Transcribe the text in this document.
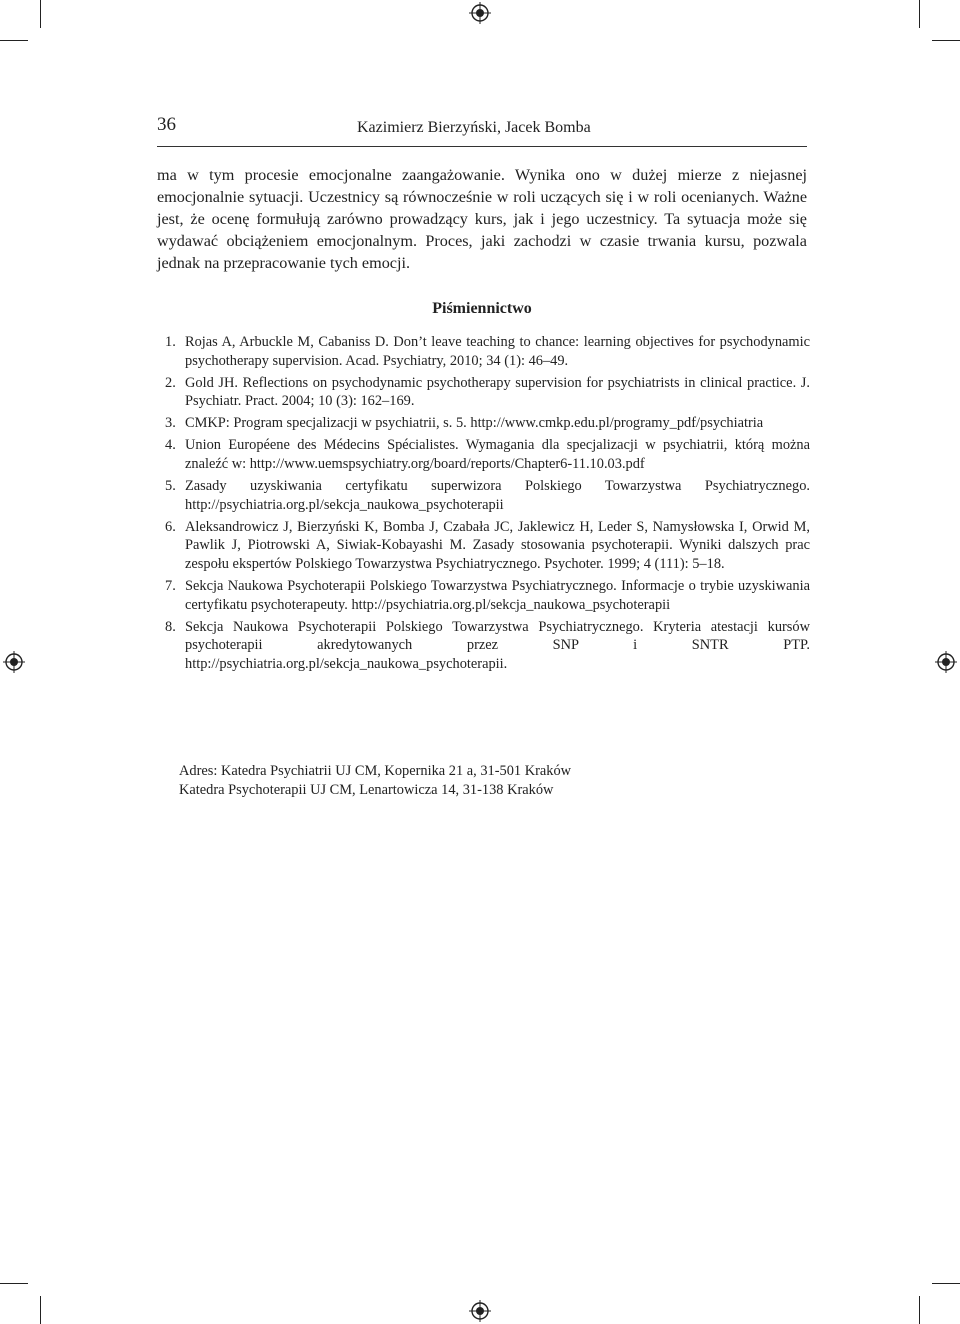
36	Kazimierz Bierzyński, Jacek Bomba

ma w tym procesie emocjonalne zaangażowanie. Wynika ono w dużej mierze z niejasnej emocjonalnie sytuacji. Uczestnicy są równocześnie w roli uczących się i w roli ocenianych. Ważne jest, że ocenę formułują zarówno prowadzący kurs, jak i jego uczestnicy. Ta sytuacja może się wydawać obciążeniem emocjonalnym. Proces, jaki zachodzi w czasie trwania kursu, pozwala jednak na przepracowanie tych emocji.

Piśmiennictwo
1. Rojas A, Arbuckle M, Cabaniss D. Don’t leave teaching to chance: learning objectives for psychodynamic psychotherapy supervision. Acad. Psychiatry, 2010; 34 (1): 46–49.
2. Gold JH. Reflections on psychodynamic psychotherapy supervision for psychiatrists in clinical practice. J. Psychiatr. Pract. 2004; 10 (3): 162–169.
3. CMKP: Program specjalizacji w psychiatrii, s. 5. http://www.cmkp.edu.pl/programy_pdf/psychiatria
4. Union Européene des Médecins Spécialistes. Wymagania dla specjalizacji w psychiatrii, którą można znaleźć w: http://www.uemspsychiatry.org/board/reports/Chapter6-11.10.03.pdf
5. Zasady uzyskiwania certyfikatu superwizora Polskiego Towarzystwa Psychiatrycznego. http://psychiatria.org.pl/sekcja_naukowa_psychoterapii
6. Aleksandrowicz J, Bierzyński K, Bomba J, Czabała JC, Jaklewicz H, Leder S, Namysłowska I, Orwid M, Pawlik J, Piotrowski A, Siwiak-Kobayashi M. Zasady stosowania psychoterapii. Wyniki dalszych prac zespołu ekspertów Polskiego Towarzystwa Psychiatrycznego. Psychoter. 1999; 4 (111): 5–18.
7. Sekcja Naukowa Psychoterapii Polskiego Towarzystwa Psychiatrycznego. Informacje o trybie uzyskiwania certyfikatu psychoterapeuty. http://psychiatria.org.pl/sekcja_naukowa_psychoterapii
8. Sekcja Naukowa Psychoterapii Polskiego Towarzystwa Psychiatrycznego. Kryteria atestacji kursów psychoterapii akredytowanych przez SNP i SNTR PTP. http://psychiatria.org.pl/sekcja_naukowa_psychoterapii.
Adres: Katedra Psychiatrii UJ CM, Kopernika 21 a, 31-501 Kraków
Katedra Psychoterapii UJ CM, Lenartowicza 14, 31-138 Kraków
